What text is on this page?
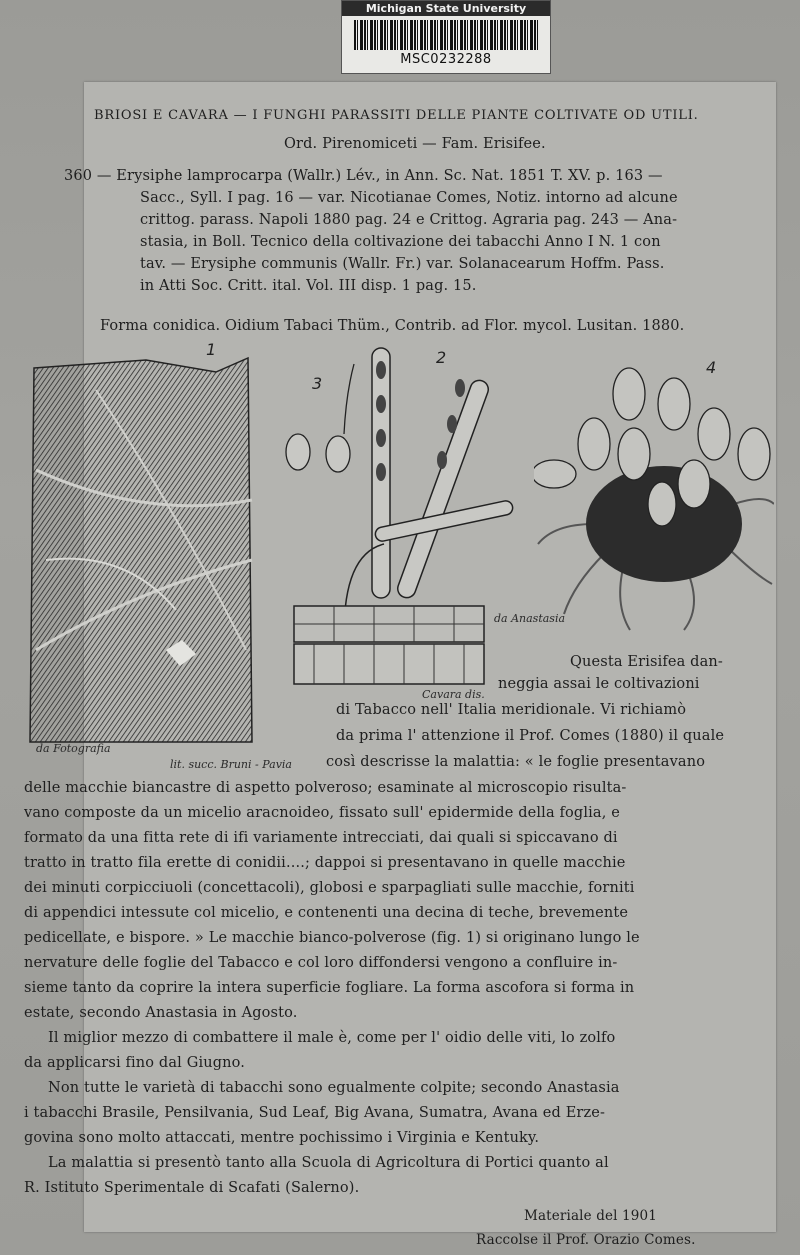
Michigan State University
MSC0232288
BRIOSI E CAVARA — I FUNGHI PARASSITI DELLE PIANTE COLTIVATE OD UTILI.
Ord. Pirenomiceti — Fam. Erisifee.
360 — Erysiphe lamprocarpa (Wallr.) Lév., in Ann. Sc. Nat. 1851 T. XV. p. 163 —
Sacc., Syll. I pag. 16 — var. Nicotianae Comes, Notiz. intorno ad alcune
crittog. parass. Napoli 1880 pag. 24 e Crittog. Agraria pag. 243 — Ana-
stasia, in Boll. Tecnico della coltivazione dei tabacchi Anno I N. 1 con
tav. — Erysiphe communis (Wallr. Fr.) var. Solanacearum Hoffm. Pass.
in Atti Soc. Critt. ital. Vol. III disp. 1 pag. 15.
Forma conidica. Oidium Tabaci Thüm., Contrib. ad Flor. mycol. Lusitan. 1880.
1
da Fotografia
lit. succ. Bruni - Pavia
2
3
Cavara dis.
4
da Anastasia
Questa Erisifea dan-
neggia assai le coltivazioni
di Tabacco nell' Italia meridionale. Vi richiamò
da prima l' attenzione il Prof. Comes (1880) il quale
così descrisse la malattia: « le foglie presentavano
delle macchie biancastre di aspetto polveroso; esaminate al microscopio risulta-
vano composte da un micelio aracnoideo, fissato sull' epidermide della foglia, e
formato da una fitta rete di ifi variamente intrecciati, dai quali si spiccavano di
tratto in tratto fila erette di conidii....; dappoi si presentavano in quelle macchie
dei minuti corpicciuoli (concettacoli), globosi e sparpagliati sulle macchie, forniti
di appendici intessute col micelio, e contenenti una decina di teche, brevemente
pedicellate, e bispore. » Le macchie bianco-polverose (fig. 1) si originano lungo le
nervature delle foglie del Tabacco e col loro diffondersi vengono a confluire in-
sieme tanto da coprire la intera superficie fogliare. La forma ascofora si forma in
estate, secondo Anastasia in Agosto.
Il miglior mezzo di combattere il male è, come per l' oidio delle viti, lo zolfo
da applicarsi fino dal Giugno.
Non tutte le varietà di tabacchi sono egualmente colpite; secondo Anastasia
i tabacchi Brasile, Pensilvania, Sud Leaf, Big Avana, Sumatra, Avana ed Erze-
govina sono molto attaccati, mentre pochissimo i Virginia e Kentuky.
La malattia si presentò tanto alla Scuola di Agricoltura di Portici quanto al
R. Istituto Sperimentale di Scafati (Salerno).
Materiale del 1901
Raccolse il Prof. Orazio Comes.
